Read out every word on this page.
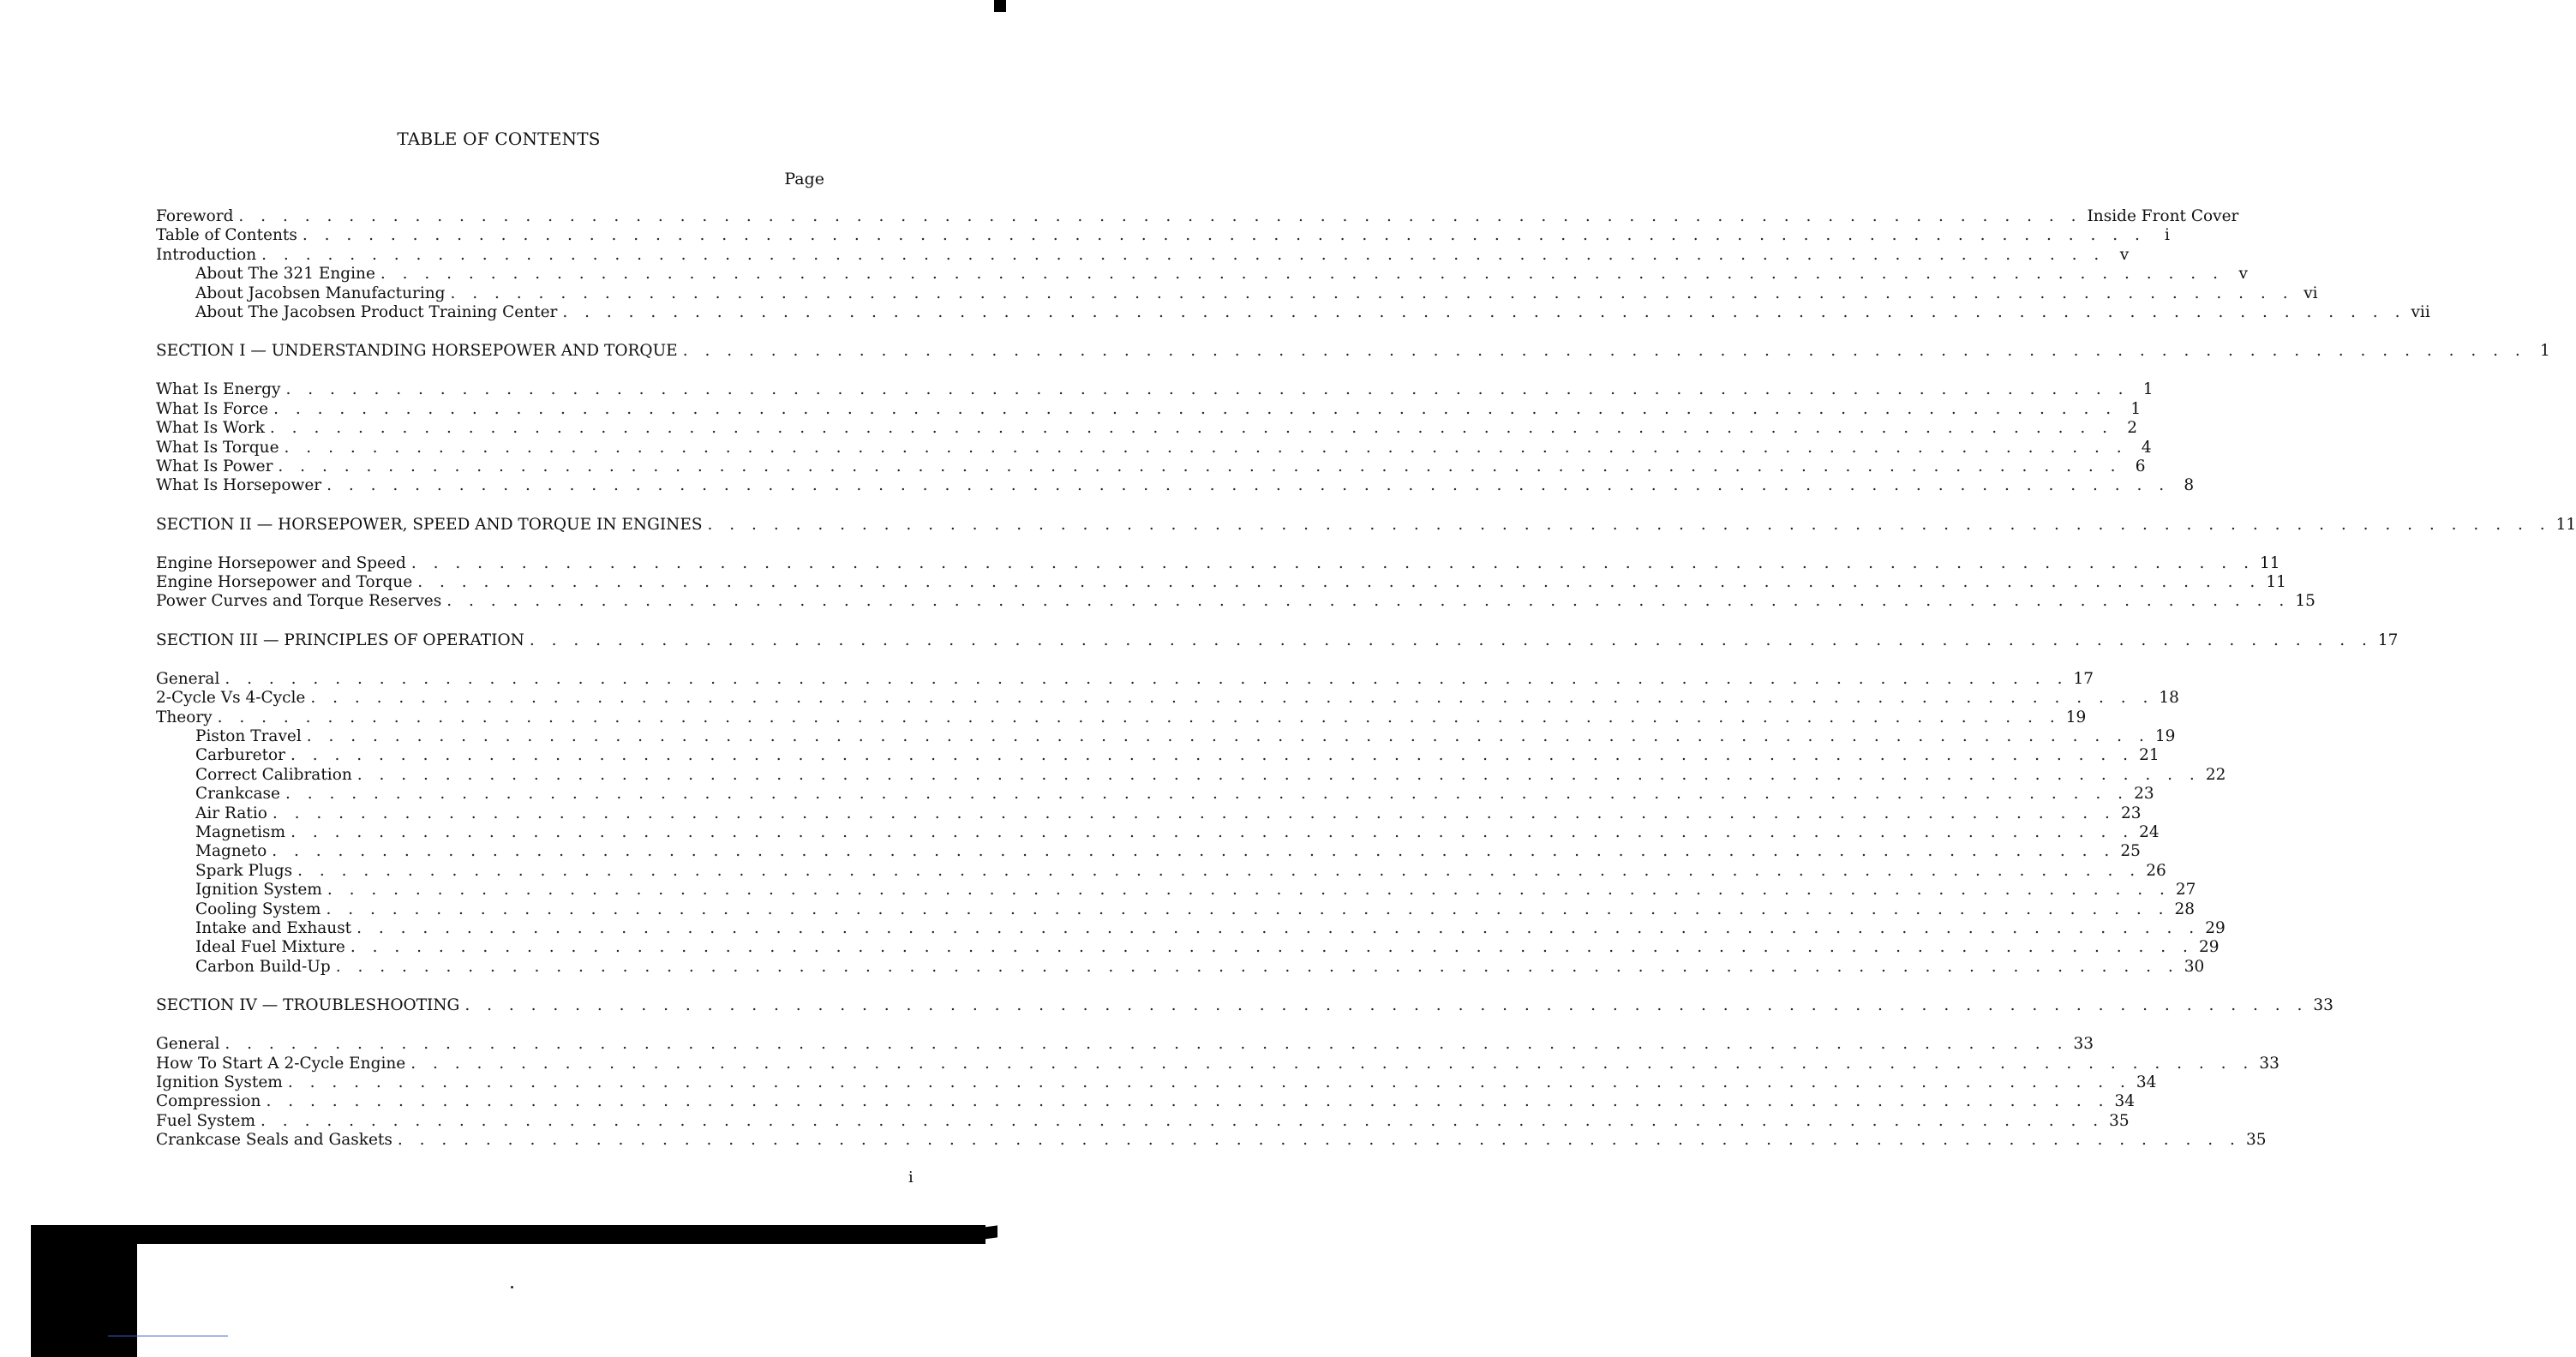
TABLE OF CONTENTS
Page
Foreword . . . . . . . . . . . . . . . . . . . . . . . . . . . . . . . . . . . . . . . . . . . . . . . . . . . . . . . . . . . . . . . . . . . . . . . . . . . . . . . . . . . . Inside Front Cover
Table of Contents . . . . . . . . . . . . . . . . . . . . . . . . . . . . . . . . . . . . . . . . . . . . . . . . . . . . . . . . . . . . . . . . . . . . . . . . . . . . . . . . . . . .	i
Introduction . . . . . . . . . . . . . . . . . . . . . . . . . . . . . . . . . . . . . . . . . . . . . . . . . . . . . . . . . . . . . . . . . . . . . . . . . . . . . . . . . . . . v
About The 321 Engine . . . . . . . . . . . . . . . . . . . . . . . . . . . . . . . . . . . . . . . . . . . . . . . . . . . . . . . . . . . . . . . . . . . . . . . . . . . . . . . . . . . . v
About Jacobsen Manufacturing . . . . . . . . . . . . . . . . . . . . . . . . . . . . . . . . . . . . . . . . . . . . . . . . . . . . . . . . . . . . . . . . . . . . . . . . . . . . . . . . . . . . vi
About The Jacobsen Product Training Center . . . . . . . . . . . . . . . . . . . . . . . . . . . . . . . . . . . . . . . . . . . . . . . . . . . . . . . . . . . . . . . . . . . . . . . . . . . . . . . . . . . . vii
SECTION I — UNDERSTANDING HORSEPOWER AND TORQUE . . . . . . . . . . . . . . . . . . . . . . . . . . . . . . . . . . . . . . . . . . . . . . . . . . . . . . . . . . . . . . . . . . . . . . . . . . . . . . . . . . . . 1
What Is Energy . . . . . . . . . . . . . . . . . . . . . . . . . . . . . . . . . . . . . . . . . . . . . . . . . . . . . . . . . . . . . . . . . . . . . . . . . . . . . . . . . . . . 1
What Is Force . . . . . . . . . . . . . . . . . . . . . . . . . . . . . . . . . . . . . . . . . . . . . . . . . . . . . . . . . . . . . . . . . . . . . . . . . . . . . . . . . . . . 1
What Is Work . . . . . . . . . . . . . . . . . . . . . . . . . . . . . . . . . . . . . . . . . . . . . . . . . . . . . . . . . . . . . . . . . . . . . . . . . . . . . . . . . . . . 2
What Is Torque . . . . . . . . . . . . . . . . . . . . . . . . . . . . . . . . . . . . . . . . . . . . . . . . . . . . . . . . . . . . . . . . . . . . . . . . . . . . . . . . . . . . 4
What Is Power . . . . . . . . . . . . . . . . . . . . . . . . . . . . . . . . . . . . . . . . . . . . . . . . . . . . . . . . . . . . . . . . . . . . . . . . . . . . . . . . . . . . 6
What Is Horsepower . . . . . . . . . . . . . . . . . . . . . . . . . . . . . . . . . . . . . . . . . . . . . . . . . . . . . . . . . . . . . . . . . . . . . . . . . . . . . . . . . . . . 8
SECTION II — HORSEPOWER, SPEED AND TORQUE IN ENGINES . . . . . . . . . . . . . . . . . . . . . . . . . . . . . . . . . . . . . . . . . . . . . . . . . . . . . . . . . . . . . . . . . . . . . . . . . . . . . . . . . . . . 11
Engine Horsepower and Speed . . . . . . . . . . . . . . . . . . . . . . . . . . . . . . . . . . . . . . . . . . . . . . . . . . . . . . . . . . . . . . . . . . . . . . . . . . . . . . . . . . . . 11
Engine Horsepower and Torque . . . . . . . . . . . . . . . . . . . . . . . . . . . . . . . . . . . . . . . . . . . . . . . . . . . . . . . . . . . . . . . . . . . . . . . . . . . . . . . . . . . . 11
Power Curves and Torque Reserves . . . . . . . . . . . . . . . . . . . . . . . . . . . . . . . . . . . . . . . . . . . . . . . . . . . . . . . . . . . . . . . . . . . . . . . . . . . . . . . . . . . . 15
SECTION III — PRINCIPLES OF OPERATION . . . . . . . . . . . . . . . . . . . . . . . . . . . . . . . . . . . . . . . . . . . . . . . . . . . . . . . . . . . . . . . . . . . . . . . . . . . . . . . . . . . . 17
General . . . . . . . . . . . . . . . . . . . . . . . . . . . . . . . . . . . . . . . . . . . . . . . . . . . . . . . . . . . . . . . . . . . . . . . . . . . . . . . . . . . . 17
2-Cycle Vs 4-Cycle . . . . . . . . . . . . . . . . . . . . . . . . . . . . . . . . . . . . . . . . . . . . . . . . . . . . . . . . . . . . . . . . . . . . . . . . . . . . . . . . . . . . 18
Theory . . . . . . . . . . . . . . . . . . . . . . . . . . . . . . . . . . . . . . . . . . . . . . . . . . . . . . . . . . . . . . . . . . . . . . . . . . . . . . . . . . . . 19
Piston Travel . . . . . . . . . . . . . . . . . . . . . . . . . . . . . . . . . . . . . . . . . . . . . . . . . . . . . . . . . . . . . . . . . . . . . . . . . . . . . . . . . . . . 19
Carburetor . . . . . . . . . . . . . . . . . . . . . . . . . . . . . . . . . . . . . . . . . . . . . . . . . . . . . . . . . . . . . . . . . . . . . . . . . . . . . . . . . . . . 21
Correct Calibration . . . . . . . . . . . . . . . . . . . . . . . . . . . . . . . . . . . . . . . . . . . . . . . . . . . . . . . . . . . . . . . . . . . . . . . . . . . . . . . . . . . . 22
Crankcase . . . . . . . . . . . . . . . . . . . . . . . . . . . . . . . . . . . . . . . . . . . . . . . . . . . . . . . . . . . . . . . . . . . . . . . . . . . . . . . . . . . . 23
Air Ratio . . . . . . . . . . . . . . . . . . . . . . . . . . . . . . . . . . . . . . . . . . . . . . . . . . . . . . . . . . . . . . . . . . . . . . . . . . . . . . . . . . . . 23
Magnetism . . . . . . . . . . . . . . . . . . . . . . . . . . . . . . . . . . . . . . . . . . . . . . . . . . . . . . . . . . . . . . . . . . . . . . . . . . . . . . . . . . . . 24
Magneto . . . . . . . . . . . . . . . . . . . . . . . . . . . . . . . . . . . . . . . . . . . . . . . . . . . . . . . . . . . . . . . . . . . . . . . . . . . . . . . . . . . . 25
Spark Plugs . . . . . . . . . . . . . . . . . . . . . . . . . . . . . . . . . . . . . . . . . . . . . . . . . . . . . . . . . . . . . . . . . . . . . . . . . . . . . . . . . . . . 26
Ignition System . . . . . . . . . . . . . . . . . . . . . . . . . . . . . . . . . . . . . . . . . . . . . . . . . . . . . . . . . . . . . . . . . . . . . . . . . . . . . . . . . . . . 27
Cooling System . . . . . . . . . . . . . . . . . . . . . . . . . . . . . . . . . . . . . . . . . . . . . . . . . . . . . . . . . . . . . . . . . . . . . . . . . . . . . . . . . . . . 28
Intake and Exhaust . . . . . . . . . . . . . . . . . . . . . . . . . . . . . . . . . . . . . . . . . . . . . . . . . . . . . . . . . . . . . . . . . . . . . . . . . . . . . . . . . . . . 29
Ideal Fuel Mixture . . . . . . . . . . . . . . . . . . . . . . . . . . . . . . . . . . . . . . . . . . . . . . . . . . . . . . . . . . . . . . . . . . . . . . . . . . . . . . . . . . . . 29
Carbon Build-Up . . . . . . . . . . . . . . . . . . . . . . . . . . . . . . . . . . . . . . . . . . . . . . . . . . . . . . . . . . . . . . . . . . . . . . . . . . . . . . . . . . . . 30
SECTION IV — TROUBLESHOOTING . . . . . . . . . . . . . . . . . . . . . . . . . . . . . . . . . . . . . . . . . . . . . . . . . . . . . . . . . . . . . . . . . . . . . . . . . . . . . . . . . . . . 33
General . . . . . . . . . . . . . . . . . . . . . . . . . . . . . . . . . . . . . . . . . . . . . . . . . . . . . . . . . . . . . . . . . . . . . . . . . . . . . . . . . . . . 33
How To Start A 2-Cycle Engine . . . . . . . . . . . . . . . . . . . . . . . . . . . . . . . . . . . . . . . . . . . . . . . . . . . . . . . . . . . . . . . . . . . . . . . . . . . . . . . . . . . . 33
Ignition System . . . . . . . . . . . . . . . . . . . . . . . . . . . . . . . . . . . . . . . . . . . . . . . . . . . . . . . . . . . . . . . . . . . . . . . . . . . . . . . . . . . . 34
Compression . . . . . . . . . . . . . . . . . . . . . . . . . . . . . . . . . . . . . . . . . . . . . . . . . . . . . . . . . . . . . . . . . . . . . . . . . . . . . . . . . . . . 34
Fuel System . . . . . . . . . . . . . . . . . . . . . . . . . . . . . . . . . . . . . . . . . . . . . . . . . . . . . . . . . . . . . . . . . . . . . . . . . . . . . . . . . . . . 35
Crankcase Seals and Gaskets . . . . . . . . . . . . . . . . . . . . . . . . . . . . . . . . . . . . . . . . . . . . . . . . . . . . . . . . . . . . . . . . . . . . . . . . . . . . . . . . . . . . 35
i
